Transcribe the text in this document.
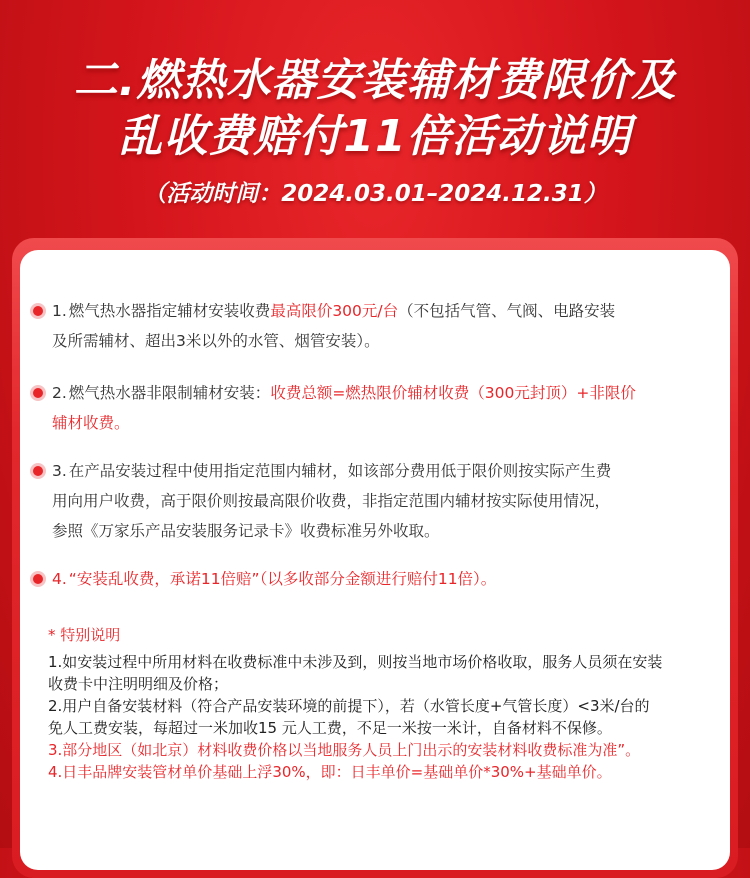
二.燃热水器安装辅材费限价及
乱收费赔付11倍活动说明
（活动时间：2024.03.01–2024.12.31）
1. 燃气热水器指定辅材安装收费最高限价300元/台（不包括气管、气阀、电路安装
及所需辅材、超出3米以外的水管、烟管安装）。
2. 燃气热水器非限制辅材安装：收费总额=燃热限价辅材收费（300元封顶）+非限价
辅材收费。
3. 在产品安装过程中使用指定范围内辅材，如该部分费用低于限价则按实际产生费
用向用户收费，高于限价则按最高限价收费，非指定范围内辅材按实际使用情况，
参照《万家乐产品安装服务记录卡》收费标准另外收取。
4. “安装乱收费，承诺11倍赔”（以多收部分金额进行赔付11倍）。
* 特别说明
1.如安装过程中所用材料在收费标准中未涉及到，则按当地市场价格收取，服务人员须在安装
收费卡中注明明细及价格；
2.用户自备安装材料（符合产品安装环境的前提下），若（水管长度+气管长度）<3米/台的
免人工费安装，每超过一米加收15 元人工费，不足一米按一米计，自备材料不保修。
3.部分地区（如北京）材料收费价格以当地服务人员上门出示的安装材料收费标准为准”。
4.日丰品牌安装管材单价基础上浮30%，即：日丰单价=基础单价*30%+基础单价。
